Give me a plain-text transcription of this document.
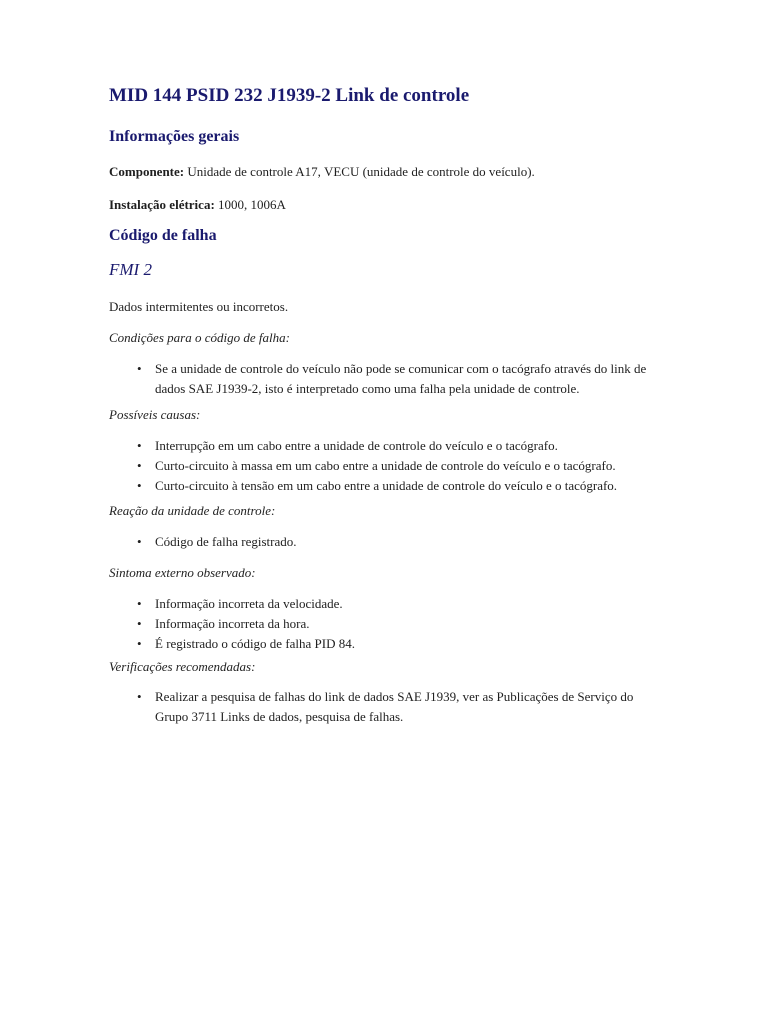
MID 144 PSID 232 J1939-2 Link de controle
Informações gerais

Componente: Unidade de controle A17, VECU (unidade de controle do veículo).

Instalação elétrica: 1000, 1006A

Código de falha
FMI 2

Dados intermitentes ou incorretos.

Condições para o código de falha:

• Se a unidade de controle do veículo não pode se comunicar com o tacógrafo através do link de dados SAE J1939-2, isto é interpretado como uma falha pela unidade de controle.

Possíveis causas:

• Interrupção em um cabo entre a unidade de controle do veículo e o tacógrafo.
• Curto-circuito à massa em um cabo entre a unidade de controle do veículo e o tacógrafo.
• Curto-circuito à tensão em um cabo entre a unidade de controle do veículo e o tacógrafo.

Reação da unidade de controle:

• Código de falha registrado.

Sintoma externo observado:

• Informação incorreta da velocidade.
• Informação incorreta da hora.
• É registrado o código de falha PID 84.

Verificações recomendadas:

• Realizar a pesquisa de falhas do link de dados SAE J1939, ver as Publicações de Serviço do Grupo 3711 Links de dados, pesquisa de falhas.
